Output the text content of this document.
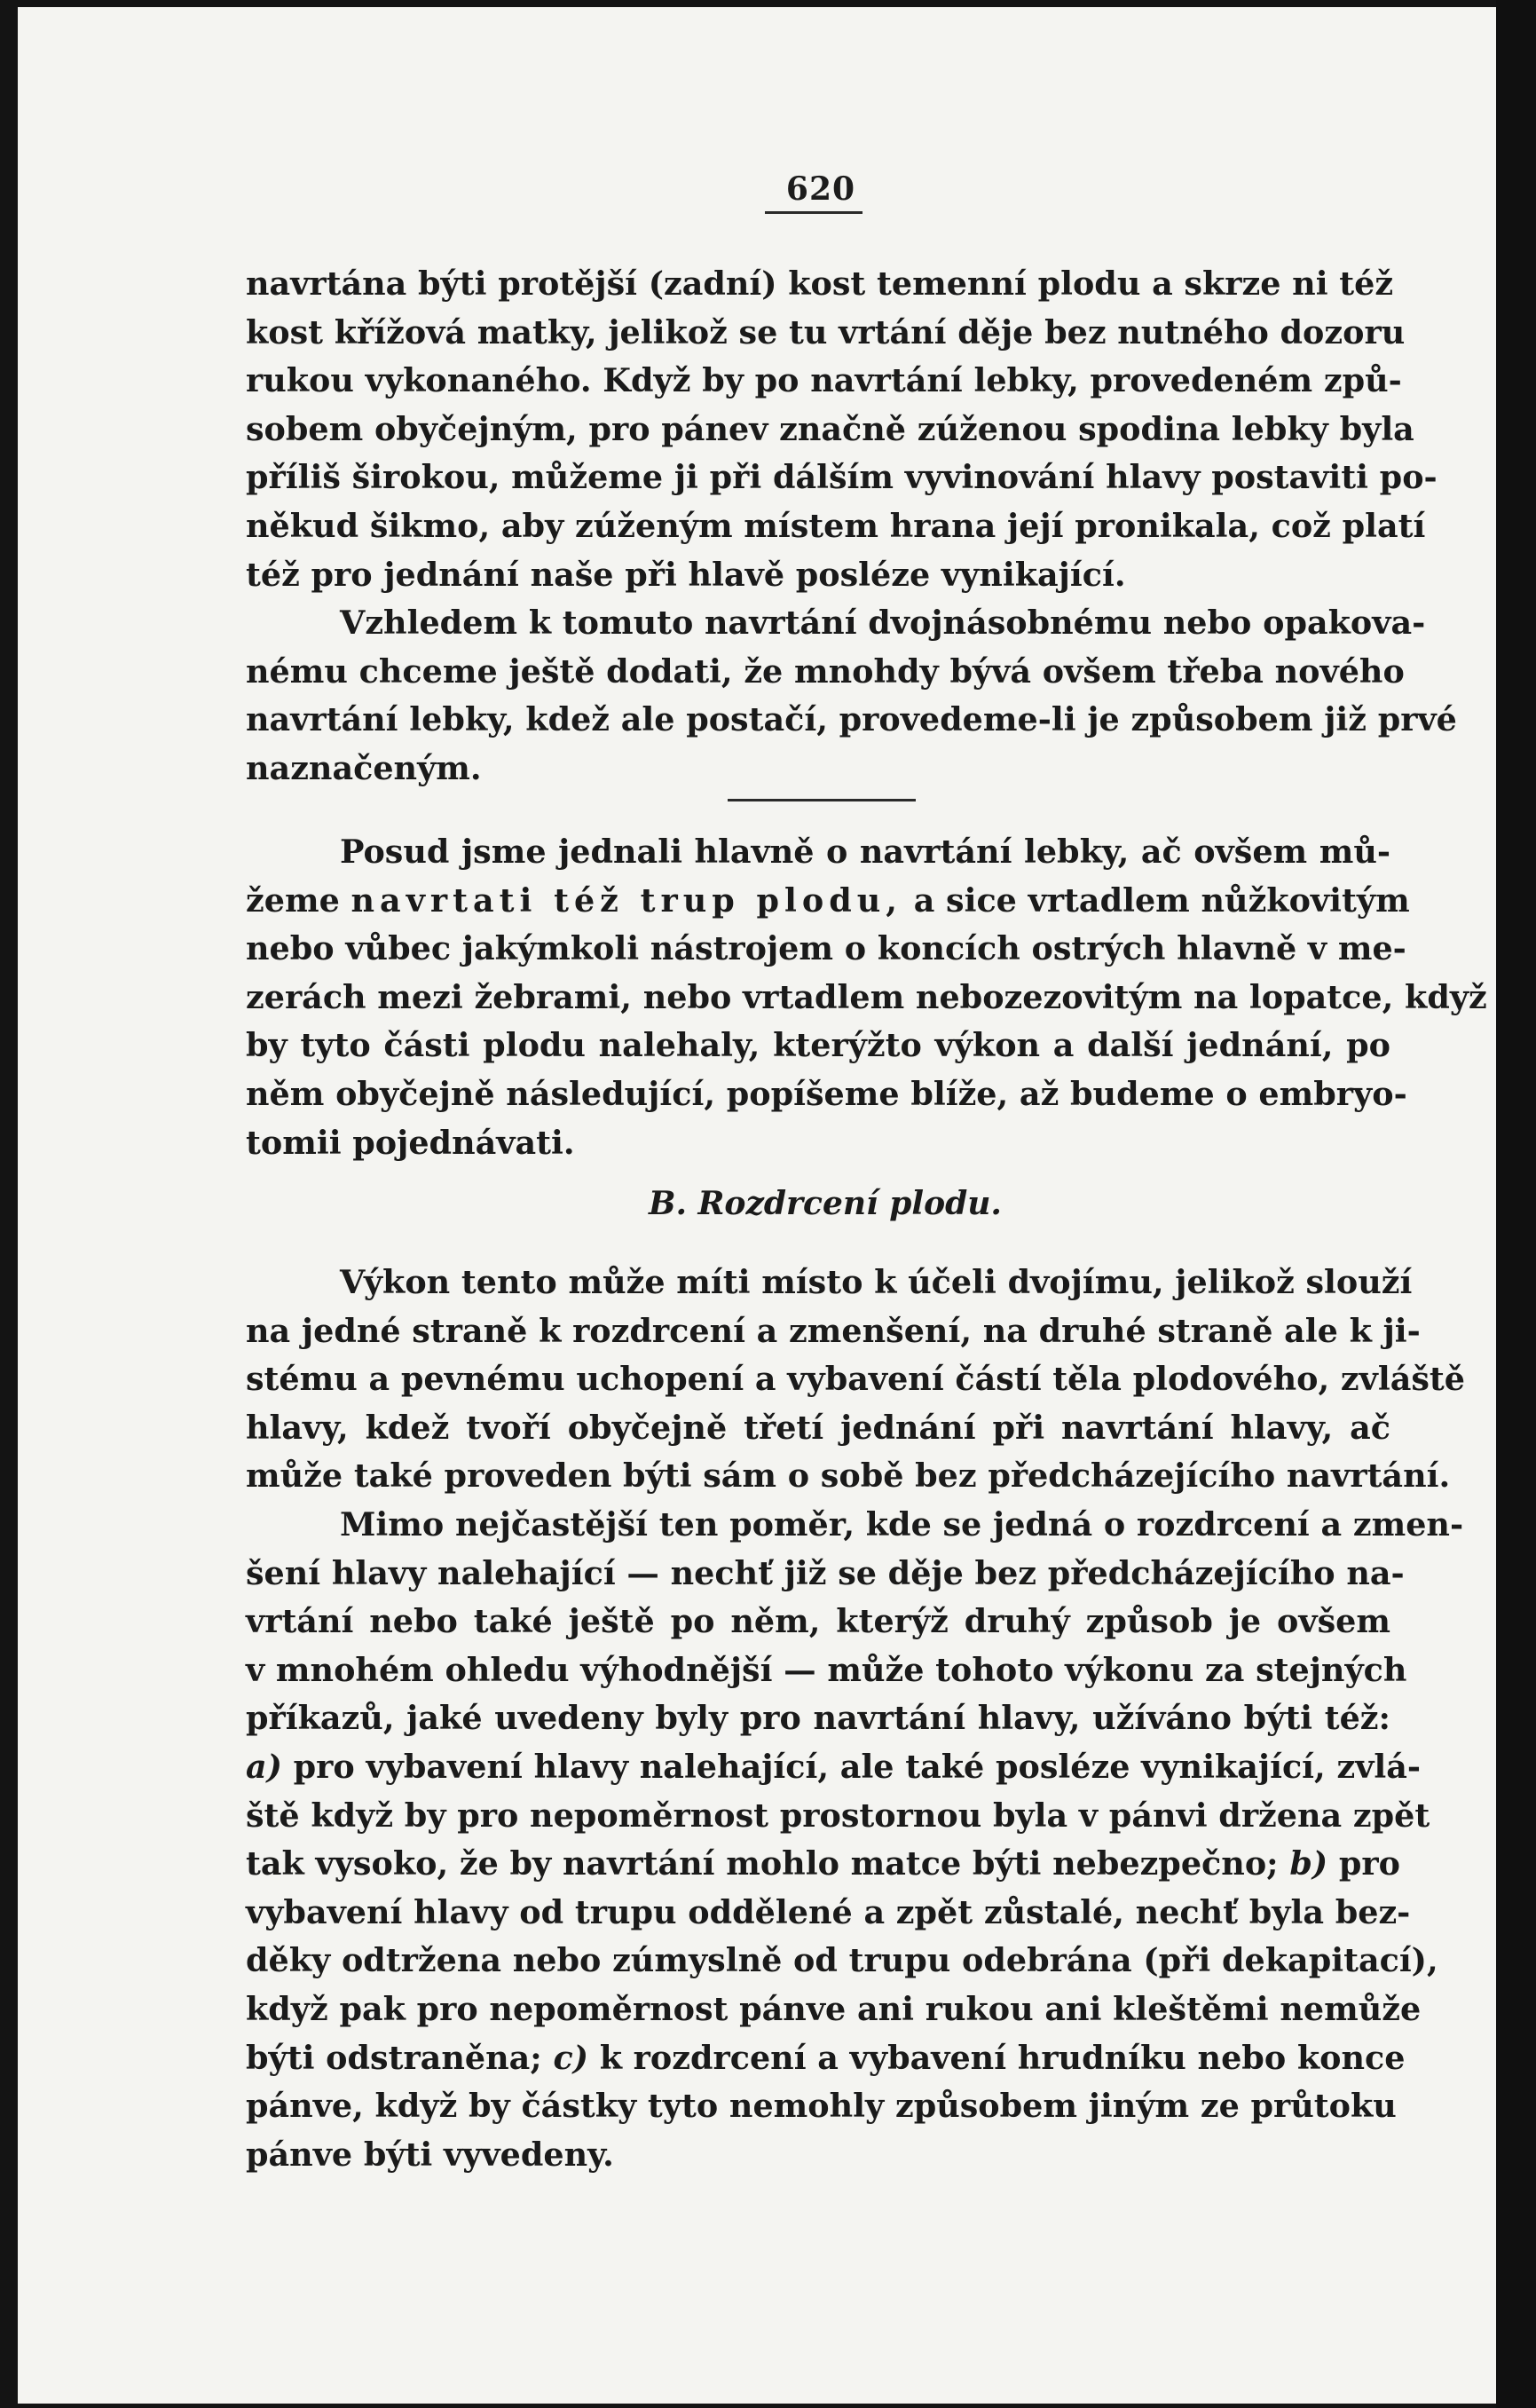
620
navrtána býti protější (zadní) kost temenní plodu a skrze ni též
kost křížová matky, jelikož se tu vrtání děje bez nutného dozoru
rukou vykonaného. Když by po navrtání lebky, provedeném způ-
sobem obyčejným, pro pánev značně zúženou spodina lebky byla
příliš širokou, můžeme ji při dálším vyvinování hlavy postaviti po-
někud šikmo, aby zúženým místem hrana její pronikala, což platí
též pro jednání naše při hlavě posléze vynikající.
Vzhledem k tomuto navrtání dvojnásobnému nebo opakova-
nému chceme ještě dodati, že mnohdy bývá ovšem třeba nového
navrtání lebky, kdež ale postačí, provedeme-li je způsobem již prvé
naznačeným.
Posud jsme jednali hlavně o navrtání lebky, ač ovšem mů-
žeme navrtati též trup plodu, a sice vrtadlem nůžkovitým
nebo vůbec jakýmkoli nástrojem o koncích ostrých hlavně v me-
zerách mezi žebrami, nebo vrtadlem nebozezovitým na lopatce, když
by tyto části plodu nalehaly, kterýžto výkon a další jednání, po
něm obyčejně následující, popíšeme blíže, až budeme o embryo-
tomii pojednávati.
B. Rozdrcení plodu.
Výkon tento může míti místo k účeli dvojímu, jelikož slouží
na jedné straně k rozdrcení a zmenšení, na druhé straně ale k ji-
stému a pevnému uchopení a vybavení částí těla plodového, zvláště
hlavy, kdež tvoří obyčejně třetí jednání při navrtání hlavy, ač
může také proveden býti sám o sobě bez předcházejícího navrtání.
Mimo nejčastější ten poměr, kde se jedná o rozdrcení a zmen-
šení hlavy nalehající — nechť již se děje bez předcházejícího na-
vrtání nebo také ještě po něm, kterýž druhý způsob je ovšem
v mnohém ohledu výhodnější — může tohoto výkonu za stejných
příkazů, jaké uvedeny byly pro navrtání hlavy, užíváno býti též:
a) pro vybavení hlavy nalehající, ale také posléze vynikající, zvlá-
ště když by pro nepoměrnost prostornou byla v pánvi držena zpět
tak vysoko, že by navrtání mohlo matce býti nebezpečno; b) pro
vybavení hlavy od trupu oddělené a zpět zůstalé, nechť byla bez-
děky odtržena nebo zúmyslně od trupu odebrána (při dekapitací),
když pak pro nepoměrnost pánve ani rukou ani kleštěmi nemůže
býti odstraněna; c) k rozdrcení a vybavení hrudníku nebo konce
pánve, když by částky tyto nemohly způsobem jiným ze průtoku
pánve býti vyvedeny.
